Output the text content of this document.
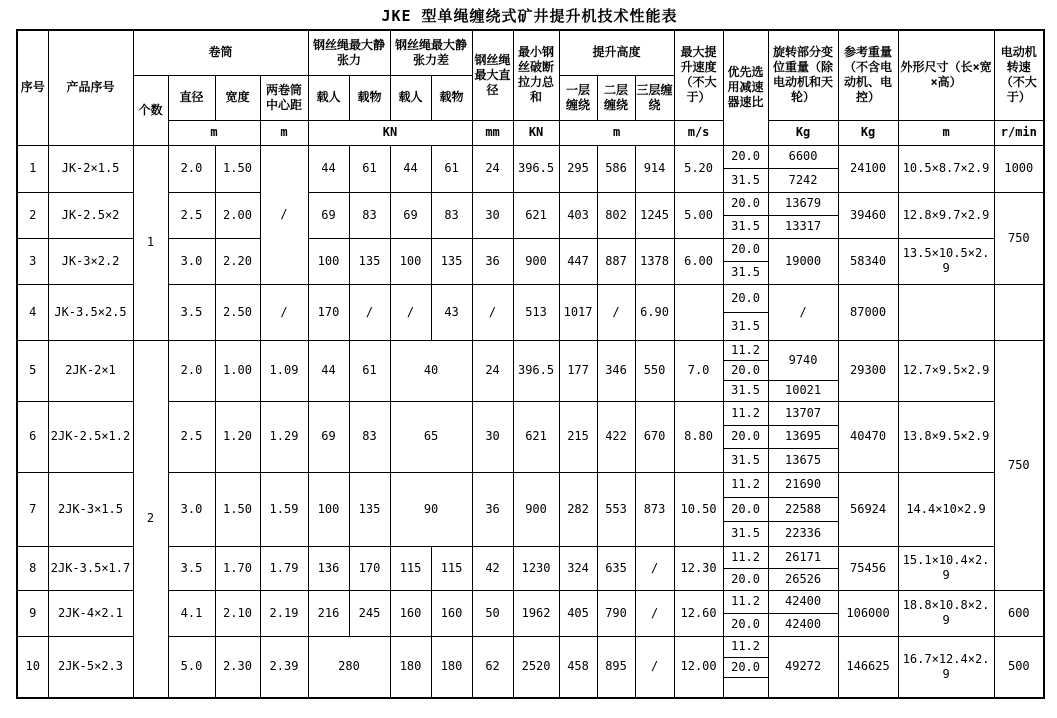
JKE 型单绳缠绕式矿井提升机技术性能表
序号	产品序号	卷筒				钢丝绳最大静张力		钢丝绳最大静张力差		钢丝绳最大直径	最小钢丝破断拉力总和	提升高度			最大提升速度（不大于）	优先选用减速器速比	旋转部分变位重量（除电动机和天轮）	参考重量（不含电动机、电控）	外形尺寸（长×宽×高）	电动机转速（不大于）
		个数	直径	宽度	两卷筒中心距	载人	载物	载人	载物			一层缠绕	二层缠绕	三层缠绕						
			m		m	KN				mm	KN	m			m/s		Kg	Kg	m	r/min
1	JK-2×1.5	1	2.0	1.50	/	44	61	44	61	24	396.5	295	586	914	5.20	20.0	6600	24100	10.5×8.7×2.9	1000
																31.5	7242			
2	JK-2.5×2		2.5	2.00		69	83	69	83	30	621	403	802	1245	5.00	20.0	13679	39460	12.8×9.7×2.9	750
																31.5	13317			
3	JK-3×2.2		3.0	2.20		100	135	100	135	36	900	447	887	1378	6.00	20.0	19000	58340	13.5×10.5×2.9	
																31.5				
4	JK-3.5×2.5		3.5	2.50	/	170	/	/	43	/	513	1017	/	6.90		20.0	/	87000		
																31.5				
5	2JK-2×1	2	2.0	1.00	1.09	44	61	40		24	396.5	177	346	550	7.0	11.2	9740	29300	12.7×9.5×2.9	750
																20.0				
																31.5	10021			
6	2JK-2.5×1.2		2.5	1.20	1.29	69	83	65		30	621	215	422	670	8.80	11.2	13707	40470	13.8×9.5×2.9	
																20.0	13695			
																31.5	13675			
7	2JK-3×1.5		3.0	1.50	1.59	100	135	90		36	900	282	553	873	10.50	11.2	21690	56924	14.4×10×2.9	
																20.0	22588			
																31.5	22336			
8	2JK-3.5×1.7		3.5	1.70	1.79	136	170	115	115	42	1230	324	635	/	12.30	11.2	26171	75456	15.1×10.4×2.9	
																20.0	26526			
9	2JK-4×2.1		4.1	2.10	2.19	216	245	160	160	50	1962	405	790	/	12.60	11.2	42400	106000	18.8×10.8×2.9	600
																20.0	42400			
10	2JK-5×2.3		5.0	2.30	2.39	280		180	180	62	2520	458	895	/	12.00	11.2	49272	146625	16.7×12.4×2.9	500
																20.0				
